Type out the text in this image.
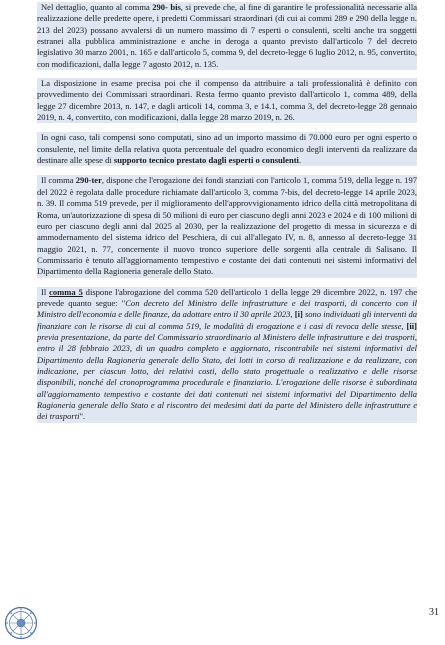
Nel dettaglio, quanto al comma 290- bis, si prevede che, al fine di garantire le professionalità necessarie alla realizzazione delle predette opere, i predetti Commissari straordinari (di cui ai commi 289 e 290 della legge n. 213 del 2023) possano avvalersi di un numero massimo di 7 esperti o consulenti, scelti anche tra soggetti estranei alla pubblica amministrazione e anche in deroga a quanto previsto dall'articolo 7 del decreto legislativo 30 marzo 2001, n. 165 e dall'articolo 5, comma 9, del decreto-legge 6 luglio 2012, n. 95, convertito, con modificazioni, dalla legge 7 agosto 2012, n. 135.

La disposizione in esame precisa poi che il compenso da attribuire a tali professionalità è definito con provvedimento dei Commissari straordinari. Resta fermo quanto previsto dall'articolo 1, comma 489, della legge 27 dicembre 2013, n. 147, e dagli articoli 14, comma 3, e 14.1, comma 3, del decreto-legge 28 gennaio 2019, n. 4, convertito, con modificazioni, dalla legge 28 marzo 2019, n. 26.

In ogni caso, tali compensi sono computati, sino ad un importo massimo di 70.000 euro per ogni esperto o consulente, nel limite della relativa quota percentuale del quadro economico degli interventi da realizzare da destinare alle spese di supporto tecnico prestato dagli esperti o consulenti.

Il comma 290-ter, dispone che l'erogazione dei fondi stanziati con l'articolo 1, comma 519, della legge n. 197 del 2022 è regolata dalle procedure richiamate dall'articolo 3, comma 7-bis, del decreto-legge 14 aprile 2023, n. 39. Il comma 519 prevede, per il miglioramento dell'approvvigionamento idrico della città metropolitana di Roma, un'autorizzazione di spesa di 50 milioni di euro per ciascuno degli anni 2023 e 2024 e di 100 milioni di euro per ciascuno degli anni dal 2025 al 2030, per la realizzazione del progetto di messa in sicurezza e di ammodernamento del sistema idrico del Peschiera, di cui all'allegato IV, n. 8, annesso al decreto-legge 31 maggio 2021, n. 77, concernente il nuovo tronco superiore delle sorgenti alla centrale di Salisano. Il Commissario è tenuto all'aggiornamento tempestivo e costante dei dati contenuti nei sistemi informativi del Dipartimento della Ragioneria generale dello Stato.

Il comma 5 dispone l'abrogazione del comma 520 dell'articolo 1 della legge 29 dicembre 2022, n. 197 che prevede quanto segue: "Con decreto del Ministro delle infrastrutture e dei trasporti, di concerto con il Ministro dell'economia e delle finanze, da adottare entro il 30 aprile 2023, [i] sono individuati gli interventi da finanziare con le risorse di cui al comma 519, le modalità di erogazione e i casi di revoca delle stesse, [ii] previa presentazione, da parte del Commissario straordinario al Ministero delle infrastrutture e dei trasporti, entro il 28 febbraio 2023, di un quadro completo e aggiornato, riscontrabile nei sistemi informativi del Dipartimento della Ragioneria generale dello Stato, dei lotti in corso di realizzazione e da realizzare, con indicazione, per ciascun lotto, dei relativi costi, dello stato progettuale o realizzativo e delle risorse disponibili, nonché del cronoprogramma procedurale e finanziario. L'erogazione delle risorse è subordinata all'aggiornamento tempestivo e costante dei dati contenuti nei sistemi informativi del Dipartimento della Ragioneria generale dello Stato e al riscontro dei medesimi dati da parte del Ministero delle infrastrutture e dei trasporti".

31
